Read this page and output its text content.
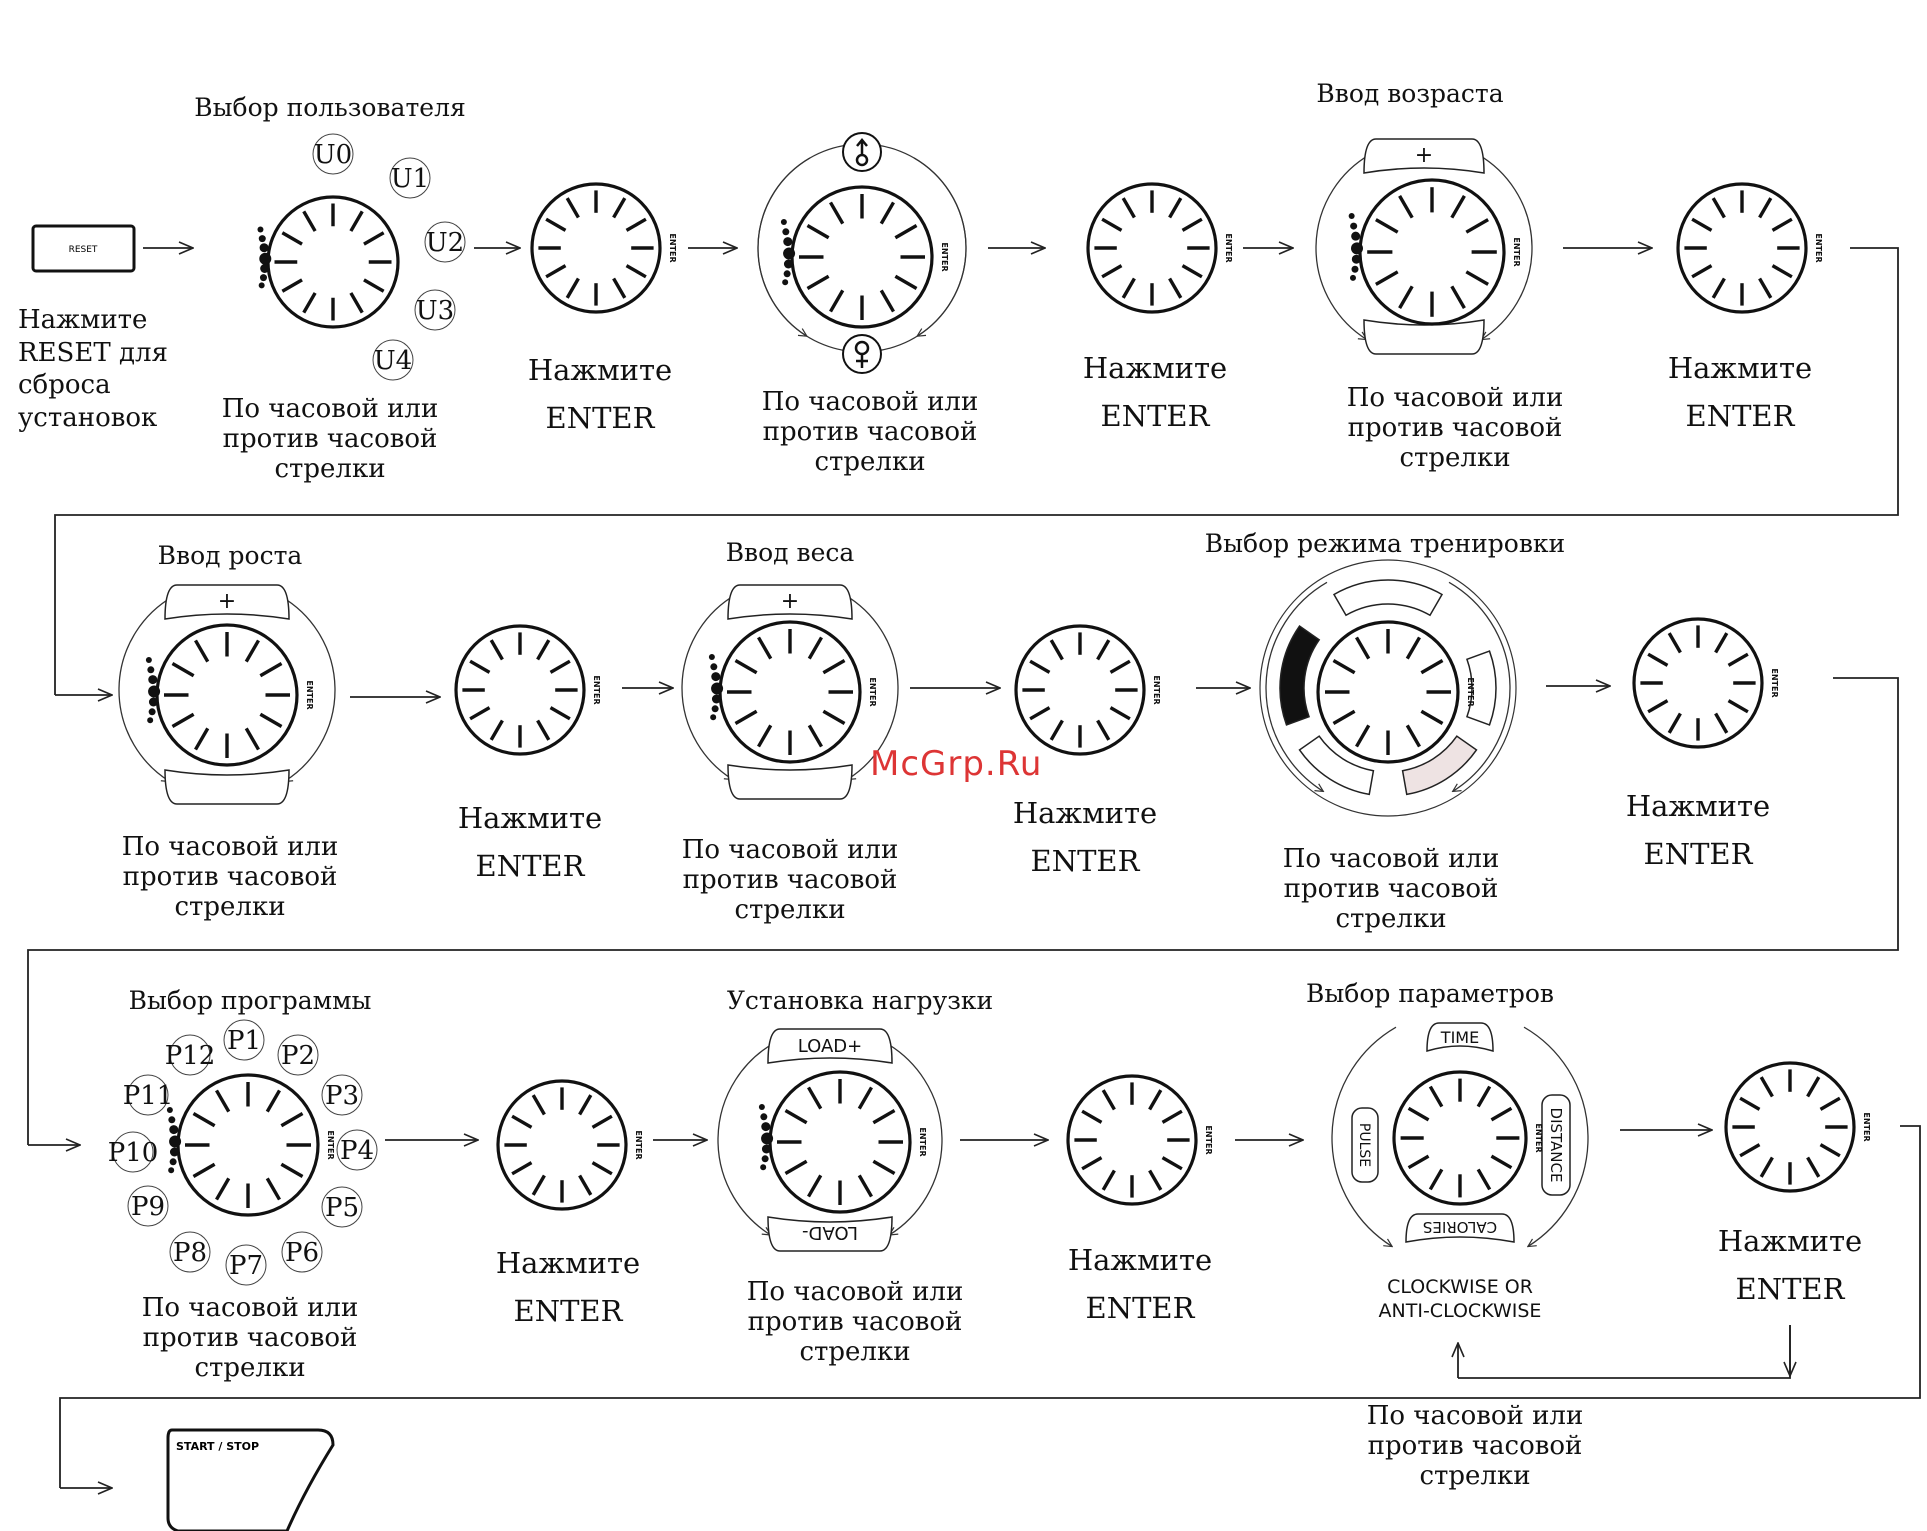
RESET
START / STOP
U0
U1
U2
U3
U4
ENTER	ENTER	ENTER
+
ENTER	ENTER
+
ENTER	ENTER
+
ENTER	ENTER	ENTER	ENTER
ENTER
P1 P2
P3
P4
P5
P6
P7
P8
P9
P10
P11
P12
ENTER
LOAD+
LOAD-
ENTER	ENTER
TIME
DISTANCE
CALORIES
PULSE	ENTER	ENTER
Нажмите
RESET для
сброса
установок
Выбор пользователя
По часовой или
против часовой
стрелки
Нажмите
ENTER	По часовой или
против часовой
стрелки
Нажмите
ENTER
Ввод возраста
По часовой или
против часовой
стрелки
Нажмите
ENTER
Ввод роста
По часовой или
против часовой
стрелки
Нажмите
ENTER
Ввод веса
По часовой или
против часовой
стрелки
Нажмите
ENTER
Выбор режима тренировки
По часовой или
против часовой
стрелки
Нажмите
ENTER
Выбор программы
По часовой или
против часовой
стрелки
Нажмите
ENTER
Установка нагрузки
По часовой или
против часовой
стрелки
Нажмите
ENTER
Выбор параметров
CLOCKWISE OR
ANTI-CLOCKWISE
Нажмите
ENTER
По часовой или
против часовой
стрелки
McGrp.Ru
